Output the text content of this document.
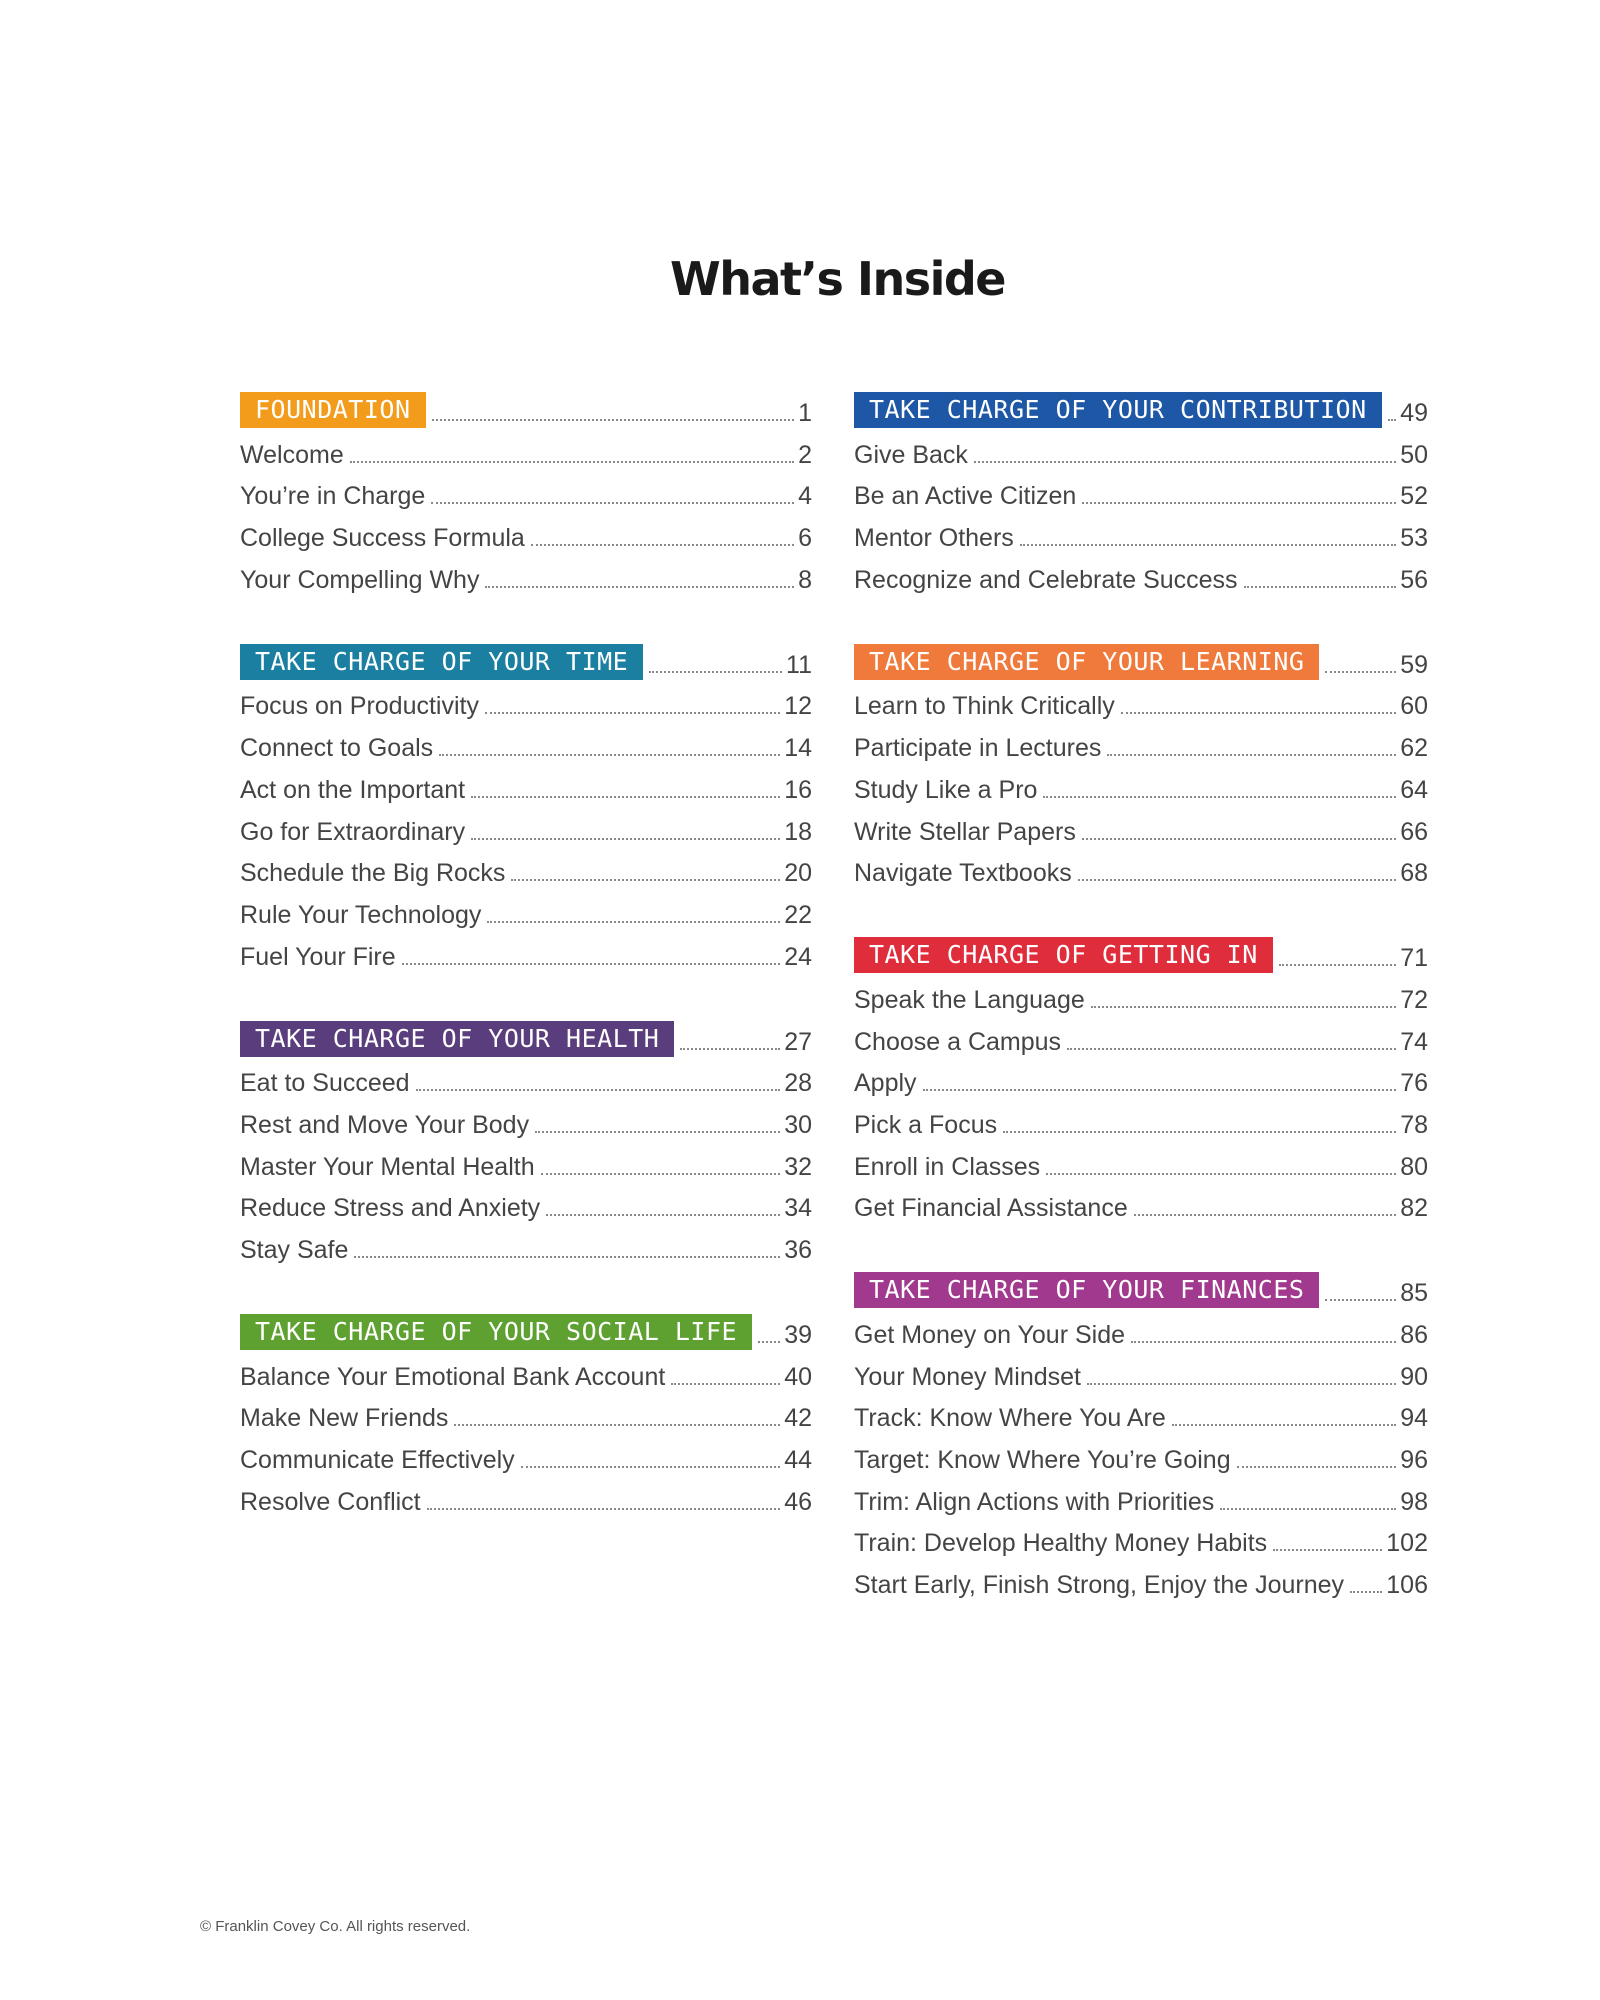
What’s Inside
FOUNDATION	1
Welcome	2
You’re in Charge	4
College Success Formula	6
Your Compelling Why	8
TAKE CHARGE OF YOUR TIME	11
Focus on Productivity	12
Connect to Goals	14
Act on the Important	16
Go for Extraordinary	18
Schedule the Big Rocks	20
Rule Your Technology	22
Fuel Your Fire	24
TAKE CHARGE OF YOUR HEALTH	27
Eat to Succeed	28
Rest and Move Your Body	30
Master Your Mental Health	32
Reduce Stress and Anxiety	34
Stay Safe	36
TAKE CHARGE OF YOUR SOCIAL LIFE	39
Balance Your Emotional Bank Account	40
Make New Friends	42
Communicate Effectively	44
Resolve Conflict	46
TAKE CHARGE OF YOUR CONTRIBUTION	49
Give Back	50
Be an Active Citizen	52
Mentor Others	53
Recognize and Celebrate Success	56
TAKE CHARGE OF YOUR LEARNING	59
Learn to Think Critically	60
Participate in Lectures	62
Study Like a Pro	64
Write Stellar Papers	66
Navigate Textbooks	68
TAKE CHARGE OF GETTING IN	71
Speak the Language	72
Choose a Campus	74
Apply	76
Pick a Focus	78
Enroll in Classes	80
Get Financial Assistance	82
TAKE CHARGE OF YOUR FINANCES	85
Get Money on Your Side	86
Your Money Mindset	90
Track: Know Where You Are	94
Target: Know Where You’re Going	96
Trim: Align Actions with Priorities	98
Train: Develop Healthy Money Habits	102
Start Early, Finish Strong, Enjoy the Journey 106
© Franklin Covey Co. All rights reserved.
